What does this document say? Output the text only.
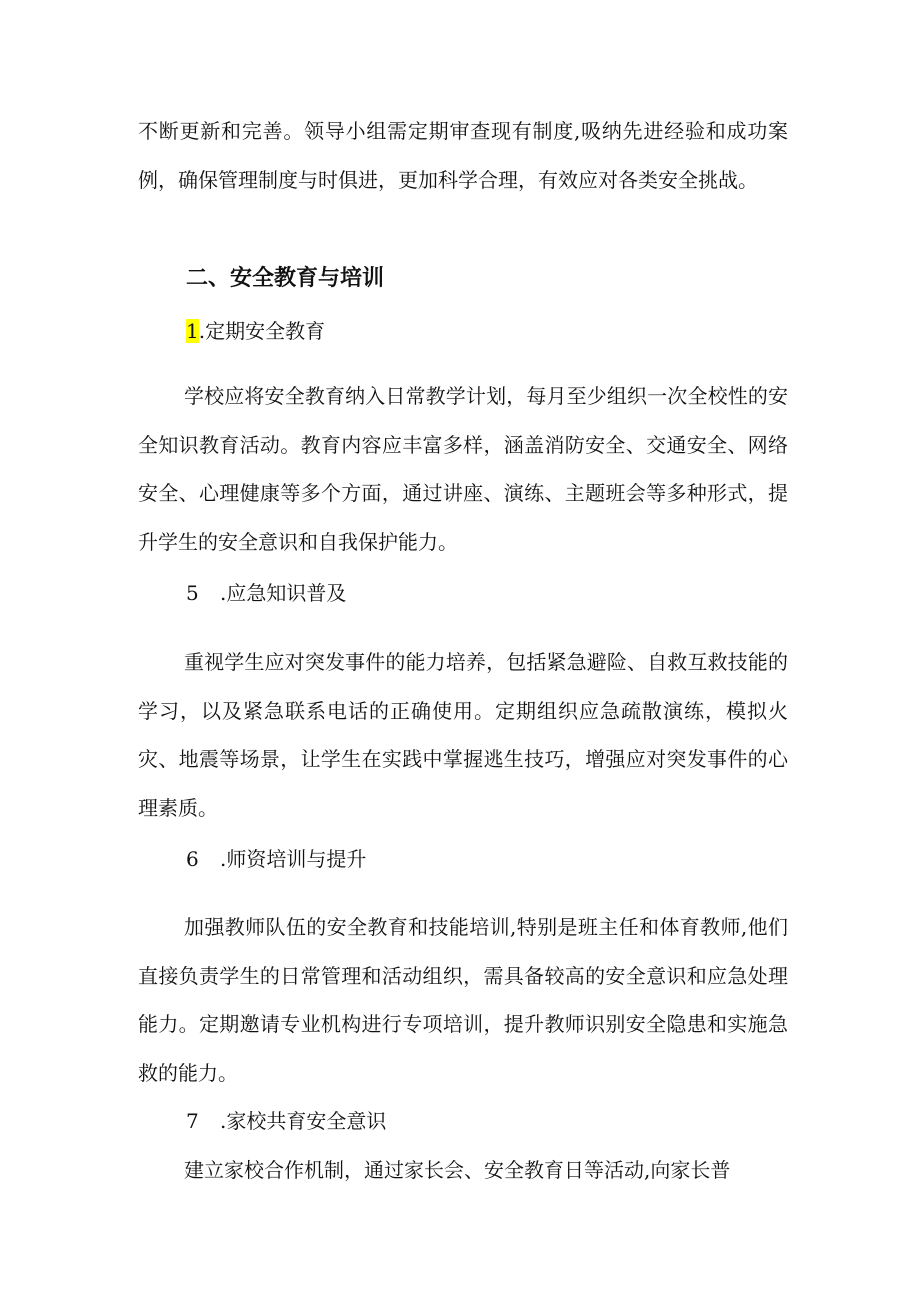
不断更新和完善。领导小组需定期审查现有制度,吸纳先进经验和成功案例，确保管理制度与时俱进，更加科学合理，有效应对各类安全挑战。

二、安全教育与培训

1.定期安全教育

学校应将安全教育纳入日常教学计划，每月至少组织一次全校性的安全知识教育活动。教育内容应丰富多样，涵盖消防安全、交通安全、网络安全、心理健康等多个方面，通过讲座、演练、主题班会等多种形式，提升学生的安全意识和自我保护能力。

5 .应急知识普及

重视学生应对突发事件的能力培养，包括紧急避险、自救互救技能的学习，以及紧急联系电话的正确使用。定期组织应急疏散演练，模拟火灾、地震等场景，让学生在实践中掌握逃生技巧，增强应对突发事件的心理素质。

6 .师资培训与提升

加强教师队伍的安全教育和技能培训,特别是班主任和体育教师,他们直接负责学生的日常管理和活动组织，需具备较高的安全意识和应急处理能力。定期邀请专业机构进行专项培训，提升教师识别安全隐患和实施急救的能力。

7 .家校共育安全意识

建立家校合作机制，通过家长会、安全教育日等活动,向家长普
